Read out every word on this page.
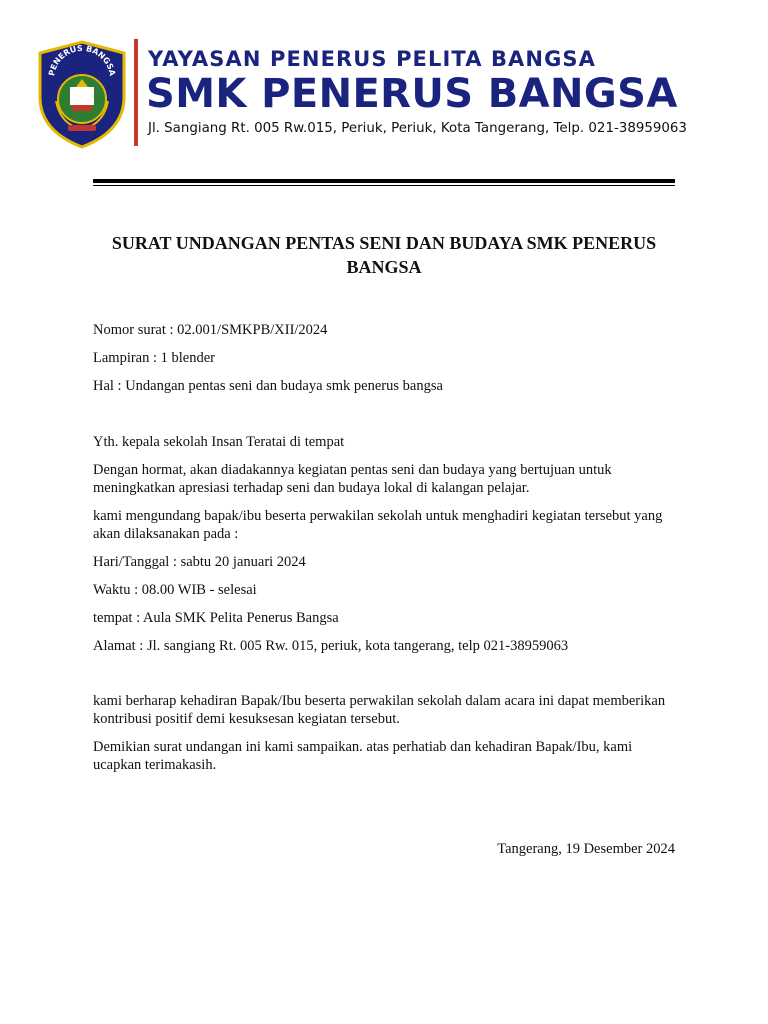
PENERUS BANGSA
YAYASAN PENERUS PELITA BANGSA
SMK PENERUS BANGSA
Jl. Sangiang Rt. 005 Rw.015, Periuk, Periuk, Kota Tangerang, Telp. 021-38959063
SURAT UNDANGAN PENTAS SENI DAN BUDAYA SMK PENERUS BANGSA

Nomor surat : 02.001/SMKPB/XII/2024

Lampiran : 1 blender

Hal : Undangan pentas seni dan budaya smk penerus bangsa

Yth. kepala sekolah Insan Teratai di tempat

Dengan hormat, akan diadakannya kegiatan pentas seni dan budaya yang bertujuan untuk meningkatkan apresiasi terhadap seni dan budaya lokal di kalangan pelajar.

kami mengundang bapak/ibu beserta perwakilan sekolah untuk menghadiri kegiatan tersebut yang akan dilaksanakan pada :

Hari/Tanggal : sabtu 20 januari 2024

Waktu : 08.00 WIB - selesai

tempat : Aula SMK Pelita Penerus Bangsa

Alamat : Jl. sangiang Rt. 005 Rw. 015, periuk, kota tangerang, telp 021-38959063

kami berharap kehadiran Bapak/Ibu beserta perwakilan sekolah dalam acara ini dapat memberikan kontribusi positif demi kesuksesan kegiatan tersebut.

Demikian surat undangan ini kami sampaikan. atas perhatiab dan kehadiran Bapak/Ibu, kami ucapkan terimakasih.

Tangerang, 19 Desember 2024
